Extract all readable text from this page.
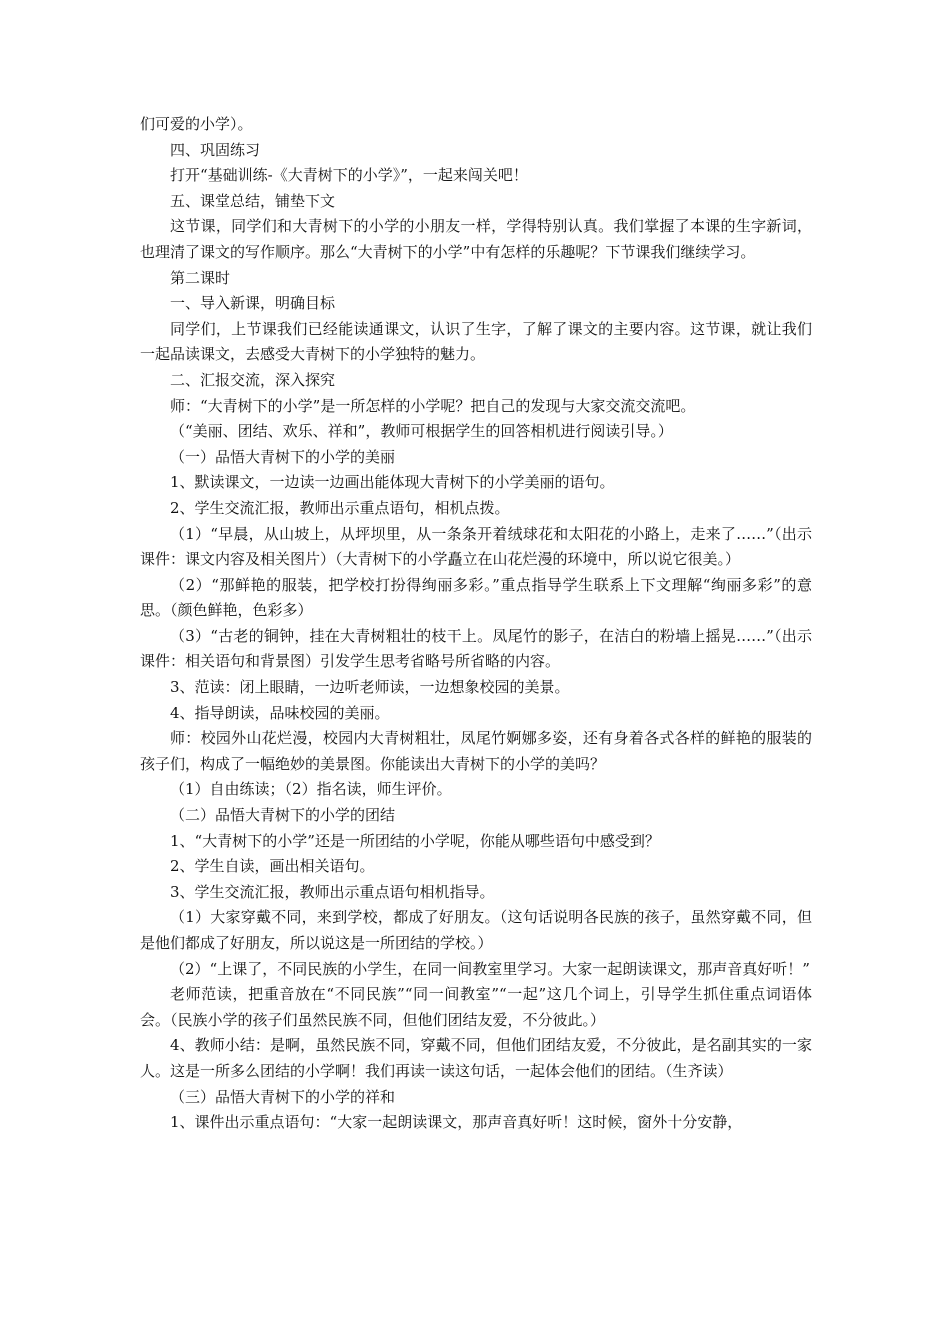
们可爱的小学）。

四、巩固练习

打开“基础训练-《大青树下的小学》”，一起来闯关吧！

五、课堂总结，铺垫下文

这节课，同学们和大青树下的小学的小朋友一样，学得特别认真。我们掌握了本课的生字新词，也理清了课文的写作顺序。那么“大青树下的小学”中有怎样的乐趣呢？下节课我们继续学习。

第二课时

一、导入新课，明确目标

同学们，上节课我们已经能读通课文，认识了生字，了解了课文的主要内容。这节课，就让我们一起品读课文，去感受大青树下的小学独特的魅力。

二、汇报交流，深入探究

师：“大青树下的小学”是一所怎样的小学呢？把自己的发现与大家交流交流吧。

（“美丽、团结、欢乐、祥和”，教师可根据学生的回答相机进行阅读引导。）

（一）品悟大青树下的小学的美丽

1、默读课文，一边读一边画出能体现大青树下的小学美丽的语句。

2、学生交流汇报，教师出示重点语句，相机点拨。

（1）“早晨，从山坡上，从坪坝里，从一条条开着绒球花和太阳花的小路上，走来了……”（出示课件：课文内容及相关图片）（大青树下的小学矗立在山花烂漫的环境中，所以说它很美。）

（2）“那鲜艳的服装，把学校打扮得绚丽多彩。”重点指导学生联系上下文理解“绚丽多彩”的意思。（颜色鲜艳，色彩多）

（3）“古老的铜钟，挂在大青树粗壮的枝干上。凤尾竹的影子，在洁白的粉墙上摇晃……”（出示课件：相关语句和背景图）引发学生思考省略号所省略的内容。

3、范读：闭上眼睛，一边听老师读，一边想象校园的美景。

4、指导朗读，品味校园的美丽。

师：校园外山花烂漫，校园内大青树粗壮，凤尾竹婀娜多姿，还有身着各式各样的鲜艳的服装的孩子们，构成了一幅绝妙的美景图。你能读出大青树下的小学的美吗？

（1）自由练读；（2）指名读，师生评价。

（二）品悟大青树下的小学的团结

1、“大青树下的小学”还是一所团结的小学呢，你能从哪些语句中感受到？

2、学生自读，画出相关语句。

3、学生交流汇报，教师出示重点语句相机指导。

（1）大家穿戴不同，来到学校，都成了好朋友。（这句话说明各民族的孩子，虽然穿戴不同，但是他们都成了好朋友，所以说这是一所团结的学校。）

（2）“上课了，不同民族的小学生，在同一间教室里学习。大家一起朗读课文，那声音真好听！”

老师范读，把重音放在“不同民族”“同一间教室”“一起”这几个词上，引导学生抓住重点词语体会。（民族小学的孩子们虽然民族不同，但他们团结友爱，不分彼此。）

4、教师小结：是啊，虽然民族不同，穿戴不同，但他们团结友爱，不分彼此，是名副其实的一家人。这是一所多么团结的小学啊！我们再读一读这句话，一起体会他们的团结。（生齐读）

（三）品悟大青树下的小学的祥和

1、课件出示重点语句：“大家一起朗读课文，那声音真好听！这时候，窗外十分安静，
